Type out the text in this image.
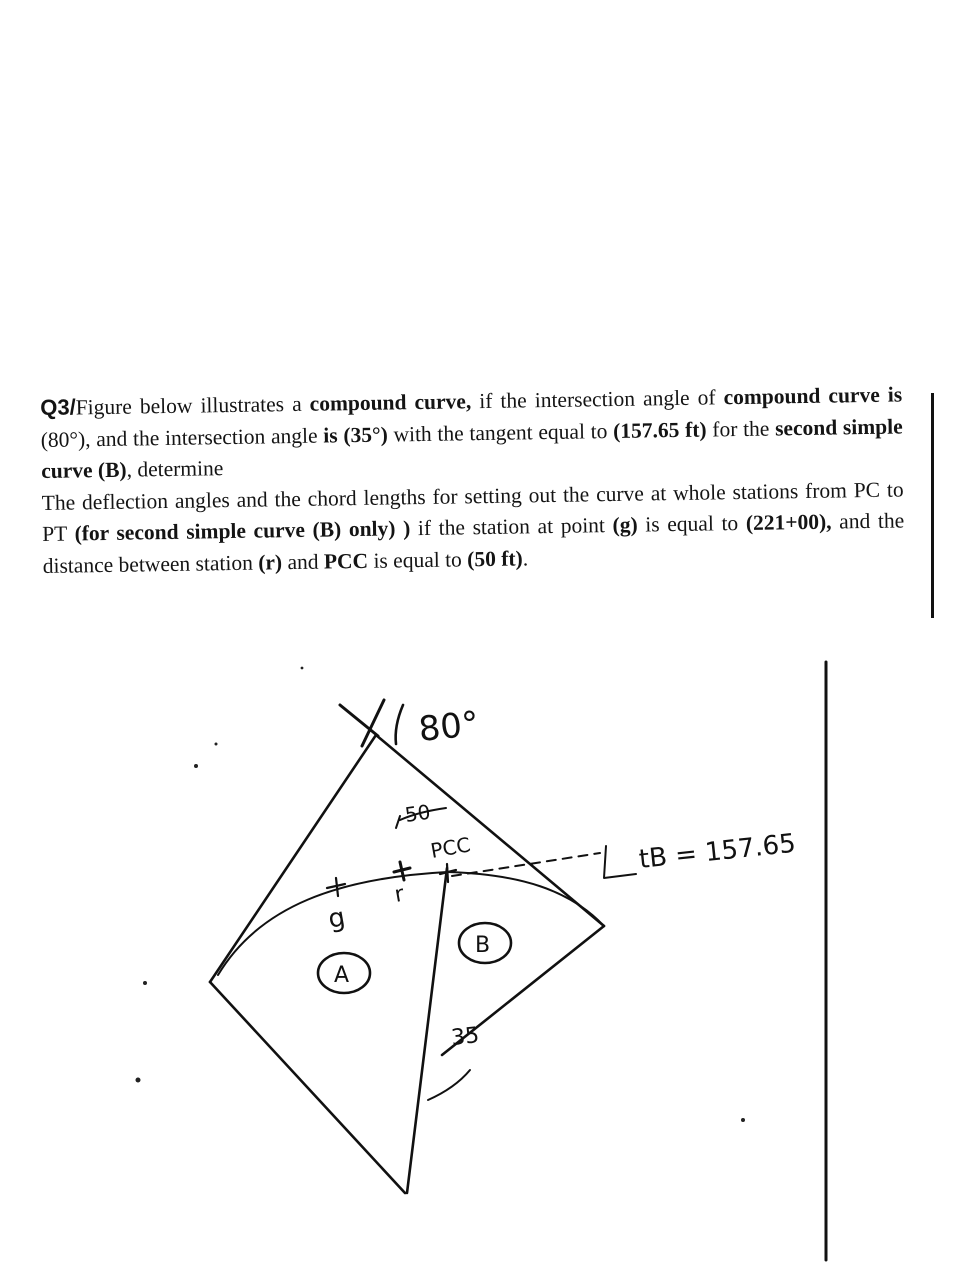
Q3/Figure below illustrates a compound curve, if the intersection angle of compound curve is (80°), and the intersection angle is (35°) with the tangent equal to (157.65 ft) for the second simple curve (B), determine

The deflection angles and the chord lengths for setting out the curve at whole stations from PC to PT (for second simple curve (B) only) ) if the station at point (g) is equal to (221+00), and the distance between station (r) and PCC is equal to (50 ft).

80°
50
PCC
g
r
A
B
35
tB = 157.65
